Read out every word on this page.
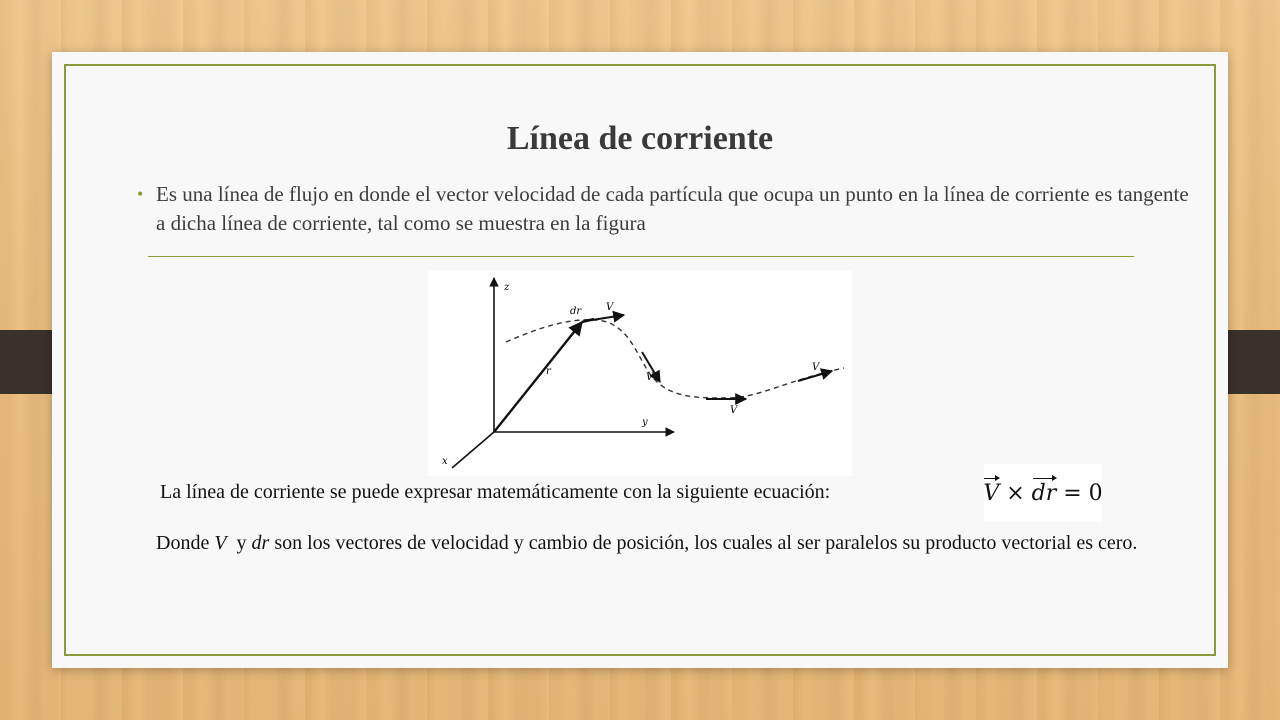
Línea de corriente
• Es una línea de flujo en donde el vector velocidad de cada partícula que ocupa un punto en la línea de corriente es tangente a dicha línea de corriente, tal como se muestra en la figura
z
y
x
dr V
V
V
V
r
La línea de corriente se puede expresar matemáticamente con la siguiente ecuación:	V × dr = 0
Donde V  y dr son los vectores de velocidad y cambio de posición, los cuales al ser paralelos su producto vectorial es cero.
